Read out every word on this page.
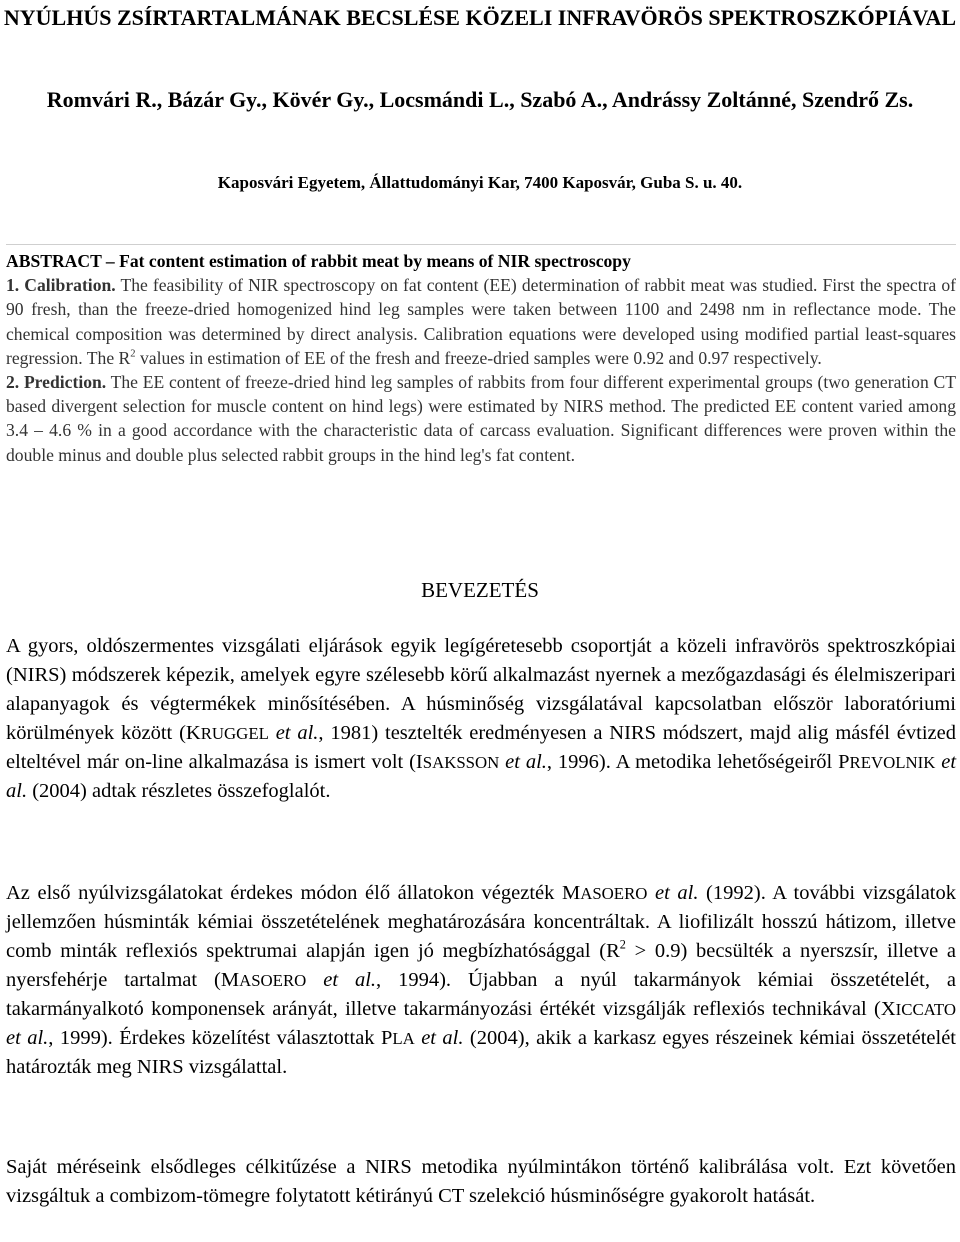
NYÚLHÚS ZSÍRTARTALMÁNAK BECSLÉSE KÖZELI INFRAVÖRÖS SPEKTROSZKÓPIÁVAL
Romvári R., Bázár Gy., Kövér Gy., Locsmándi L., Szabó A., Andrássy Zoltánné, Szendrő Zs.
Kaposvári Egyetem, Állattudományi Kar, 7400 Kaposvár, Guba S. u. 40.

ABSTRACT – Fat content estimation of rabbit meat by means of NIR spectroscopy

1. Calibration. The feasibility of NIR spectroscopy on fat content (EE) determination of rabbit meat was studied. First the spectra of 90 fresh, than the freeze-dried homogenized hind leg samples were taken between 1100 and 2498 nm in reflectance mode. The chemical composition was determined by direct analysis. Calibration equations were developed using modified partial least-squares regression. The $R^2$ values in estimation of EE of the fresh and freeze-dried samples were 0.92 and 0.97 respectively.

2. Prediction. The EE content of freeze-dried hind leg samples of rabbits from four different experimental groups (two generation CT based divergent selection for muscle content on hind legs) were estimated by NIRS method. The predicted EE content varied among 3.4 – 4.6 % in a good accordance with the characteristic data of carcass evaluation. Significant differences were proven within the double minus and double plus selected rabbit groups in the hind leg's fat content.

BEVEZETÉS

A gyors, oldószermentes vizsgálati eljárások egyik legígéretesebb csoportját a közeli infravörös spektroszkópiai (NIRS) módszerek képezik, amelyek egyre szélesebb körű alkalmazást nyernek a mezőgazdasági és élelmiszeripari alapanyagok és végtermékek minősítésében. A húsminőség vizsgálatával kapcsolatban először laboratóriumi körülmények között (KRUGGEL et al., 1981) tesztelték eredményesen a NIRS módszert, majd alig másfél évtized elteltével már on-line alkalmazása is ismert volt (ISAKSSON et al., 1996). A metodika lehetőségeiről PREVOLNIK et al. (2004) adtak részletes összefoglalót.

Az első nyúlvizsgálatokat érdekes módon élő állatokon végezték MASOERO et al. (1992). A további vizsgálatok jellemzően húsminták kémiai összetételének meghatározására koncentráltak. A liofilizált hosszú hátizom, illetve comb minták reflexiós spektrumai alapján igen jó megbízhatósággal $(R^2 > 0.9)$ becsülték a nyerszsír, illetve a nyersfehérje tartalmat (MASOERO et al., 1994). Újabban a nyúl takarmányok kémiai összetételét, a takarmányalkotó komponensek arányát, illetve takarmányozási értékét vizsgálják reflexiós technikával (XICCATO et al., 1999). Érdekes közelítést választottak PLA et al. (2004), akik a karkasz egyes részeinek kémiai összetételét határozták meg NIRS vizsgálattal.

Saját méréseink elsődleges célkitűzése a NIRS metodika nyúlmintákon történő kalibrálása volt. Ezt követően vizsgáltuk a combizom-tömegre folytatott kétirányú CT szelekció húsminőségre gyakorolt hatását.
